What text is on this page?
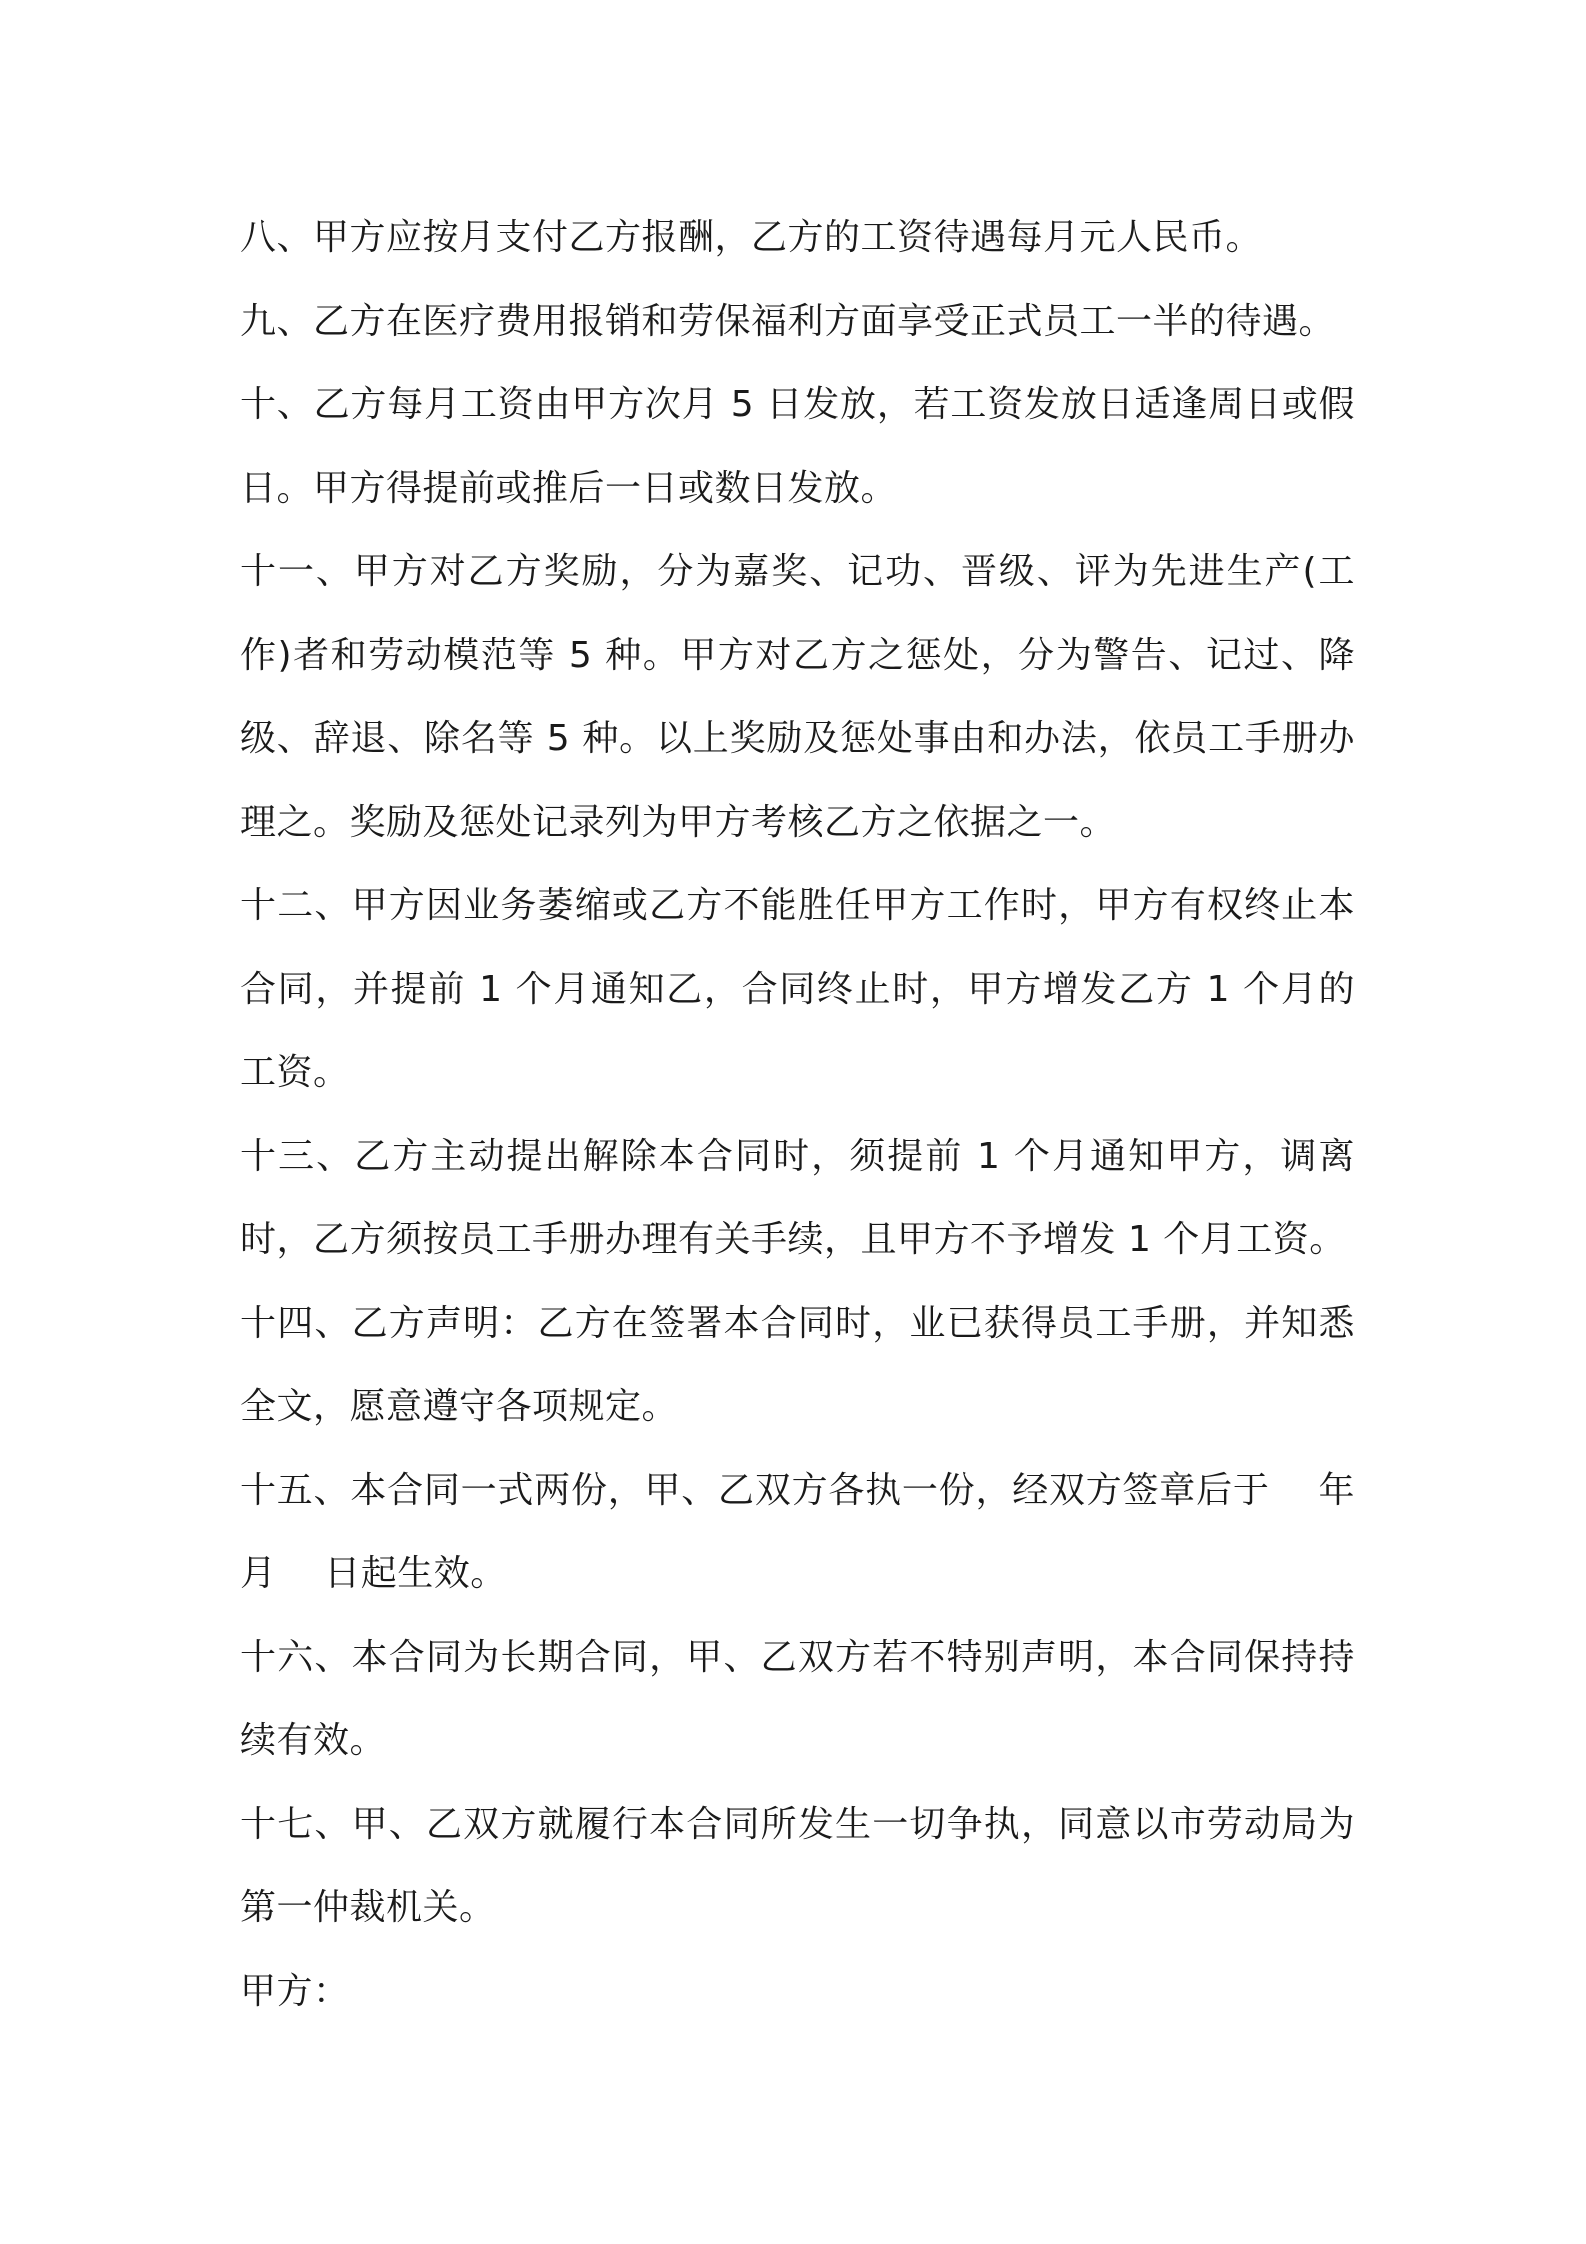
八、甲方应按月支付乙方报酬，乙方的工资待遇每月元人民币。

九、乙方在医疗费用报销和劳保福利方面享受正式员工一半的待遇。

十、乙方每月工资由甲方次月 5 日发放，若工资发放日适逢周日或假日。甲方得提前或推后一日或数日发放。

十一、甲方对乙方奖励，分为嘉奖、记功、晋级、评为先进生产(工作)者和劳动模范等 5 种。甲方对乙方之惩处，分为警告、记过、降级、辞退、除名等 5 种。以上奖励及惩处事由和办法，依员工手册办理之。奖励及惩处记录列为甲方考核乙方之依据之一。

十二、甲方因业务萎缩或乙方不能胜任甲方工作时，甲方有权终止本合同，并提前 1 个月通知乙，合同终止时，甲方增发乙方 1 个月的工资。

十三、乙方主动提出解除本合同时，须提前 1 个月通知甲方，调离时，乙方须按员工手册办理有关手续，且甲方不予增发 1 个月工资。

十四、乙方声明：乙方在签署本合同时，业已获得员工手册，并知悉全文，愿意遵守各项规定。

十五、本合同一式两份，甲、乙双方各执一份，经双方签章后于    年月    日起生效。

十六、本合同为长期合同，甲、乙双方若不特别声明，本合同保持持续有效。

十七、甲、乙双方就履行本合同所发生一切争执，同意以市劳动局为第一仲裁机关。

甲方：
